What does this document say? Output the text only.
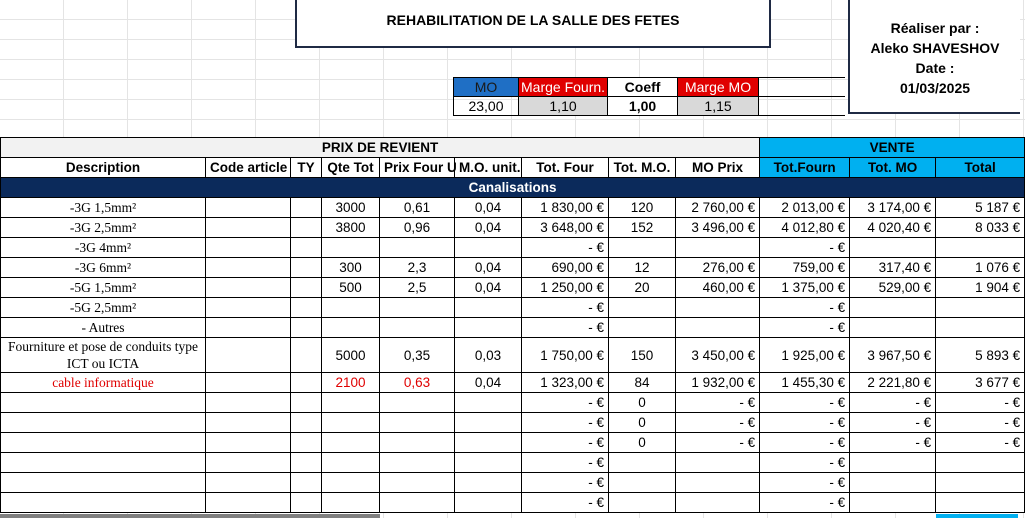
REHABILITATION DE LA SALLE DES FETES	Réaliser par :
Aleko SHAVESHOV
Date :
01/03/2025
MO	Marge Fourn.	Coeff	Marge MO	
23,00	1,10	1,00	1,15	
PRIX DE REVIENT									VENTE		
Description	Code article	TY	Qte Tot	Prix Four U	M.O. unit.	Tot. Four	Tot. M.O.	MO Prix	Tot.Fourn	Tot. MO	Total
Canalisations											
-3G 1,5mm²			3000	0,61	0,04	1 830,00 €	120	2 760,00 €	2 013,00 €	3 174,00 €	5 187 €
-3G 2,5mm²			3800	0,96	0,04	3 648,00 €	152	3 496,00 €	4 012,80 €	4 020,40 €	8 033 €
-3G 4mm²						- €			- €		
-3G 6mm²			300	2,3	0,04	690,00 €	12	276,00 €	759,00 €	317,40 €	1 076 €
-5G 1,5mm²			500	2,5	0,04	1 250,00 €	20	460,00 €	1 375,00 €	529,00 €	1 904 €
-5G 2,5mm²						- €			- €		
- Autres						- €			- €		
Fourniture et pose de conduits type ICT ou ICTA			5000	0,35	0,03	1 750,00 €	150	3 450,00 €	1 925,00 €	3 967,50 €	5 893 €
cable informatique			2100	0,63	0,04	1 323,00 €	84	1 932,00 €	1 455,30 €	2 221,80 €	3 677 €
						- €	0	- €	- €	- €	- €
						- €	0	- €	- €	- €	- €
						- €	0	- €	- €	- €	- €
						- €			- €		
						- €			- €		
						- €			- €		
